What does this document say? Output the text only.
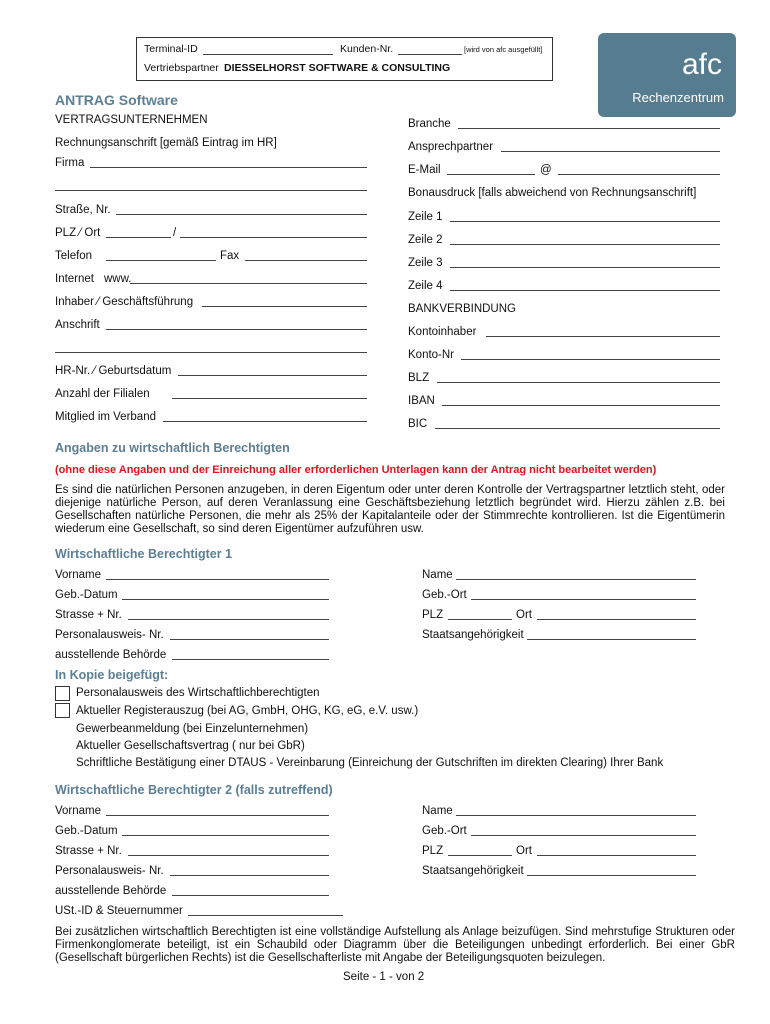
Terminal-ID	Kunden-Nr.	[wird von afc ausgefüllt]
Vertriebspartner DIESSELHORST SOFTWARE & CONSULTING	afc
Rechenzentrum
ANTRAG Software
VERTRAGSUNTERNEHMEN
Rechnungsanschrift [gemäß Eintrag im HR]
Firma
Straße, Nr.
PLZ ⁄ Ort	/
Telefon	Fax
Internet www.
Inhaber ⁄ Geschäftsführung
Anschrift
HR-Nr. ⁄ Geburtsdatum
Anzahl der Filialen
Mitglied im Verband
Branche
Ansprechpartner
E-Mail	@
Bonausdruck [falls abweichend von Rechnungsanschrift]
Zeile 1
Zeile 2
Zeile 3
Zeile 4
BANKVERBINDUNG
Kontoinhaber
Konto-Nr
BLZ
IBAN
BIC
Angaben zu wirtschaftlich Berechtigten
(ohne diese Angaben und der Einreichung aller erforderlichen Unterlagen kann der Antrag nicht bearbeitet werden)
Es sind die natürlichen Personen anzugeben, in deren Eigentum oder unter deren Kontrolle der Vertragspartner letztlich steht, oder diejenige natürliche Person, auf deren Veranlassung eine Geschäftsbeziehung letztlich begründet wird. Hierzu zählen z.B. bei Gesellschaften natürliche Personen, die mehr als 25% der Kapitalanteile oder der Stimmrechte kontrollieren. Ist die Eigentümerin wiederum eine Gesellschaft, so sind deren Eigentümer aufzuführen usw.
Wirtschaftliche Berechtigter 1
Vorname	Name
Geb.-Datum	Geb.-Ort
Strasse + Nr.	PLZ	Ort
Personalausweis- Nr.	Staatsangehörigkeit
ausstellende Behörde
In Kopie beigefügt:
Personalausweis des Wirtschaftlichberechtigten
Aktueller Registerauszug (bei AG, GmbH, OHG, KG, eG, e.V. usw.)
Gewerbeanmeldung (bei Einzelunternehmen)
Aktueller Gesellschaftsvertrag ( nur bei GbR)
Schriftliche Bestätigung einer DTAUS - Vereinbarung (Einreichung der Gutschriften im direkten Clearing) Ihrer Bank
Wirtschaftliche Berechtigter 2 (falls zutreffend)
Vorname	Name
Geb.-Datum	Geb.-Ort
Strasse + Nr.	PLZ	Ort
Personalausweis- Nr.	Staatsangehörigkeit
ausstellende Behörde
USt.-ID & Steuernummer
Bei zusätzlichen wirtschaftlich Berechtigten ist eine vollständige Aufstellung als Anlage beizufügen. Sind mehrstufige Strukturen oder Firmenkonglomerate beteiligt, ist ein Schaubild oder Diagramm über die Beteiligungen unbedingt erforderlich. Bei einer GbR (Gesellschaft bürgerlichen Rechts) ist die Gesellschafterliste mit Angabe der Beteiligungsquoten beizulegen.
Seite - 1 - von 2
